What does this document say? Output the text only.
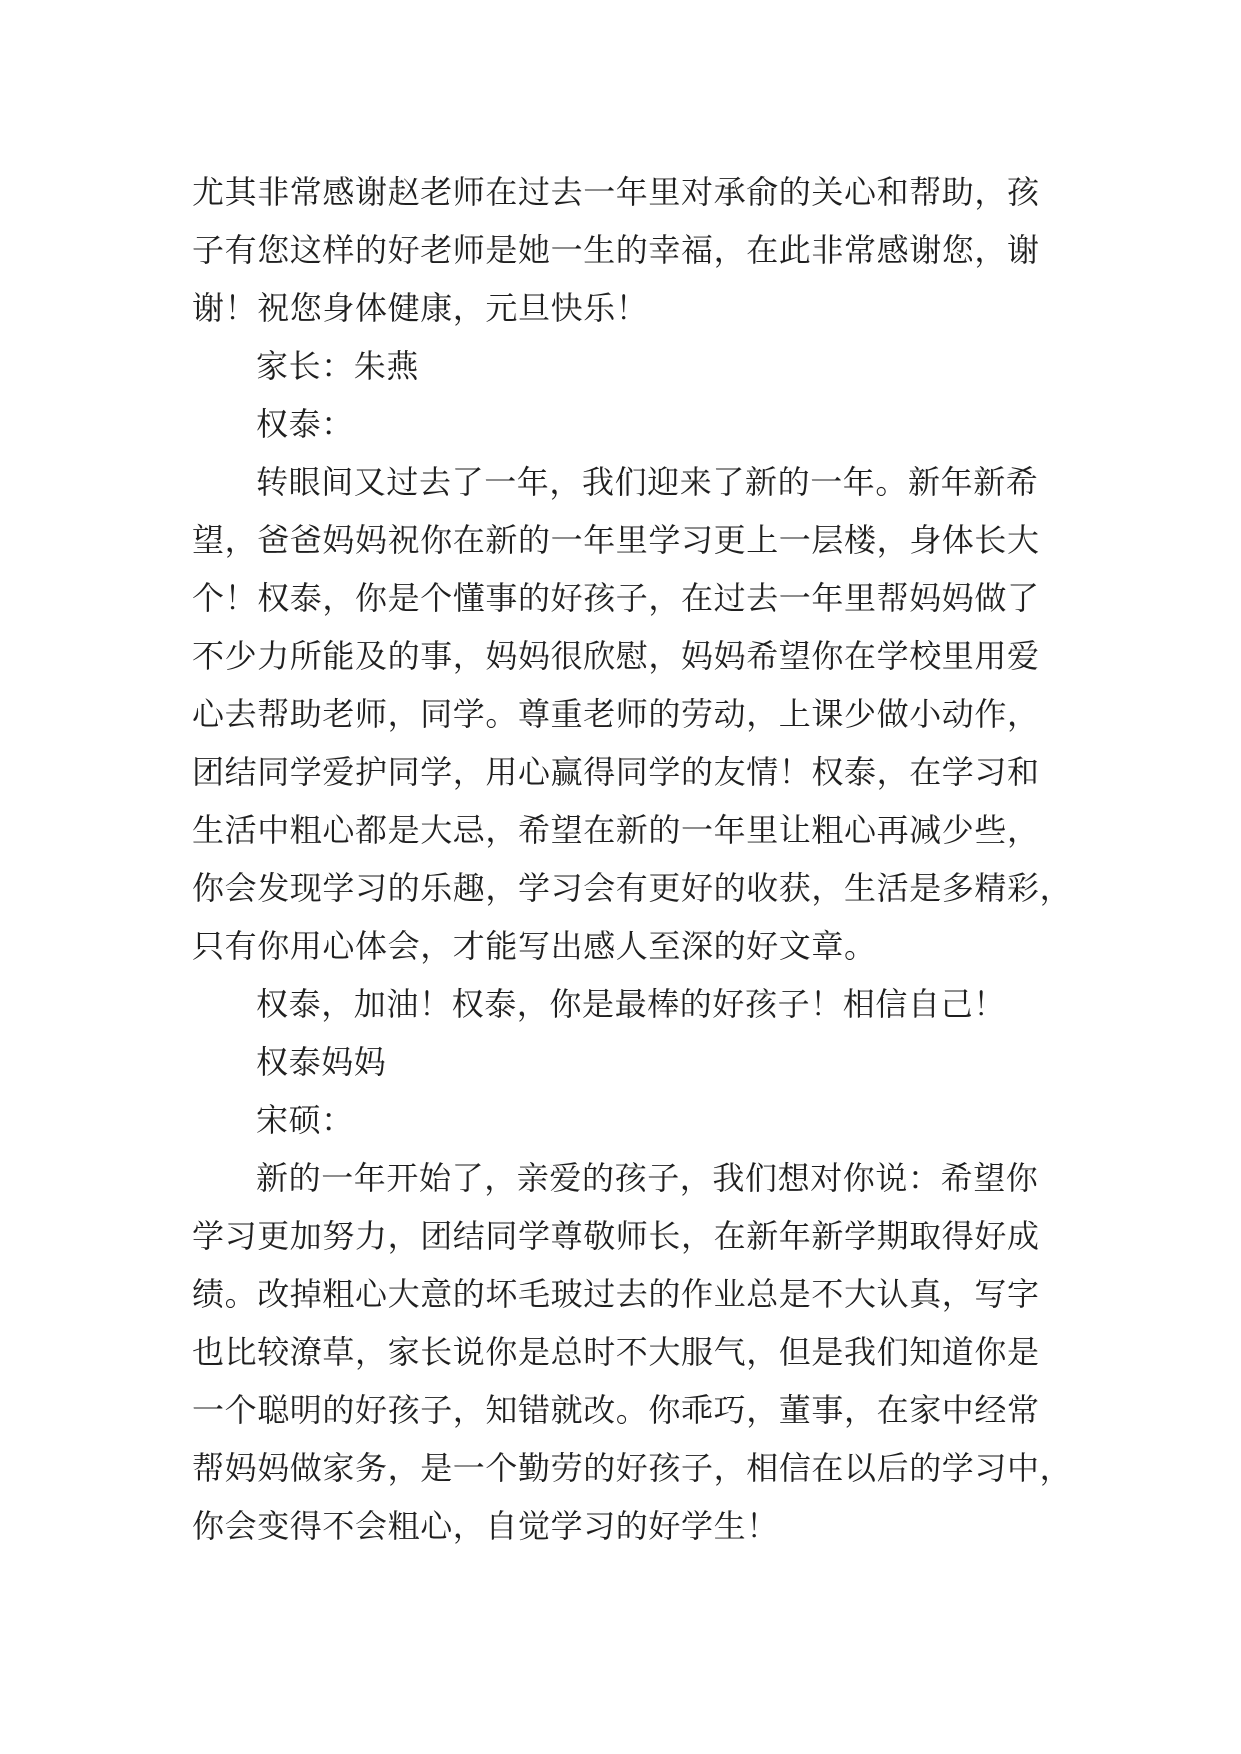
尤其非常感谢赵老师在过去一年里对承俞的关心和帮助，孩
子有您这样的好老师是她一生的幸福，在此非常感谢您，谢
谢！祝您身体健康，元旦快乐！

家长：朱燕

权泰：

转眼间又过去了一年，我们迎来了新的一年。新年新希
望，爸爸妈妈祝你在新的一年里学习更上一层楼，身体长大
个！权泰，你是个懂事的好孩子，在过去一年里帮妈妈做了
不少力所能及的事，妈妈很欣慰，妈妈希望你在学校里用爱
心去帮助老师，同学。尊重老师的劳动，上课少做小动作，
团结同学爱护同学，用心赢得同学的友情！权泰，在学习和
生活中粗心都是大忌，希望在新的一年里让粗心再减少些，
你会发现学习的乐趣，学习会有更好的收获，生活是多精彩，
只有你用心体会，才能写出感人至深的好文章。

权泰，加油！权泰，你是最棒的好孩子！相信自己！

权泰妈妈

宋硕：

新的一年开始了，亲爱的孩子，我们想对你说：希望你
学习更加努力，团结同学尊敬师长，在新年新学期取得好成
绩。改掉粗心大意的坏毛玻过去的作业总是不大认真，写字
也比较潦草，家长说你是总时不大服气，但是我们知道你是
一个聪明的好孩子，知错就改。你乖巧，董事，在家中经常
帮妈妈做家务，是一个勤劳的好孩子，相信在以后的学习中，
你会变得不会粗心，自觉学习的好学生！
